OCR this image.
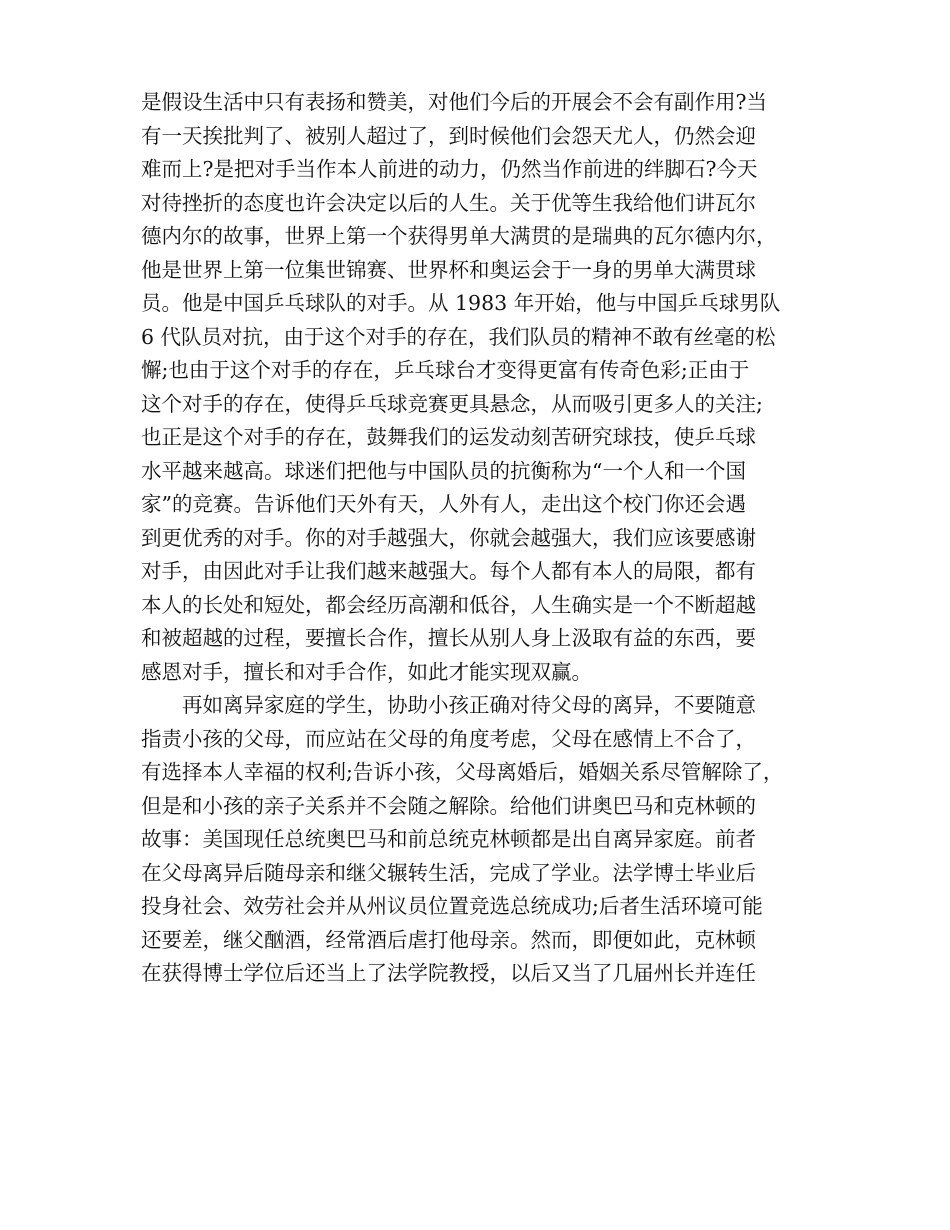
是假设生活中只有表扬和赞美，对他们今后的开展会不会有副作用?当
有一天挨批判了、被别人超过了，到时候他们会怨天尤人，仍然会迎
难而上?是把对手当作本人前进的动力，仍然当作前进的绊脚石?今天
对待挫折的态度也许会决定以后的人生。关于优等生我给他们讲瓦尔
德内尔的故事，世界上第一个获得男单大满贯的是瑞典的瓦尔德内尔，
他是世界上第一位集世锦赛、世界杯和奥运会于一身的男单大满贯球
员。他是中国乒乓球队的对手。从 1983 年开始，他与中国乒乓球男队
6 代队员对抗，由于这个对手的存在，我们队员的精神不敢有丝毫的松
懈;也由于这个对手的存在，乒乓球台才变得更富有传奇色彩;正由于
这个对手的存在，使得乒乓球竞赛更具悬念，从而吸引更多人的关注;
也正是这个对手的存在，鼓舞我们的运发动刻苦研究球技，使乒乓球
水平越来越高。球迷们把他与中国队员的抗衡称为“一个人和一个国
家”的竞赛。告诉他们天外有天，人外有人，走出这个校门你还会遇
到更优秀的对手。你的对手越强大，你就会越强大，我们应该要感谢
对手，由因此对手让我们越来越强大。每个人都有本人的局限，都有
本人的长处和短处，都会经历高潮和低谷，人生确实是一个不断超越
和被超越的过程，要擅长合作，擅长从别人身上汲取有益的东西，要
感恩对手，擅长和对手合作，如此才能实现双赢。
再如离异家庭的学生，协助小孩正确对待父母的离异，不要随意
指责小孩的父母，而应站在父母的角度考虑，父母在感情上不合了，
有选择本人幸福的权利;告诉小孩，父母离婚后，婚姻关系尽管解除了，
但是和小孩的亲子关系并不会随之解除。给他们讲奥巴马和克林顿的
故事：美国现任总统奥巴马和前总统克林顿都是出自离异家庭。前者
在父母离异后随母亲和继父辗转生活，完成了学业。法学博士毕业后
投身社会、效劳社会并从州议员位置竞选总统成功;后者生活环境可能
还要差，继父酗酒，经常酒后虐打他母亲。然而，即便如此，克林顿
在获得博士学位后还当上了法学院教授，以后又当了几届州长并连任
